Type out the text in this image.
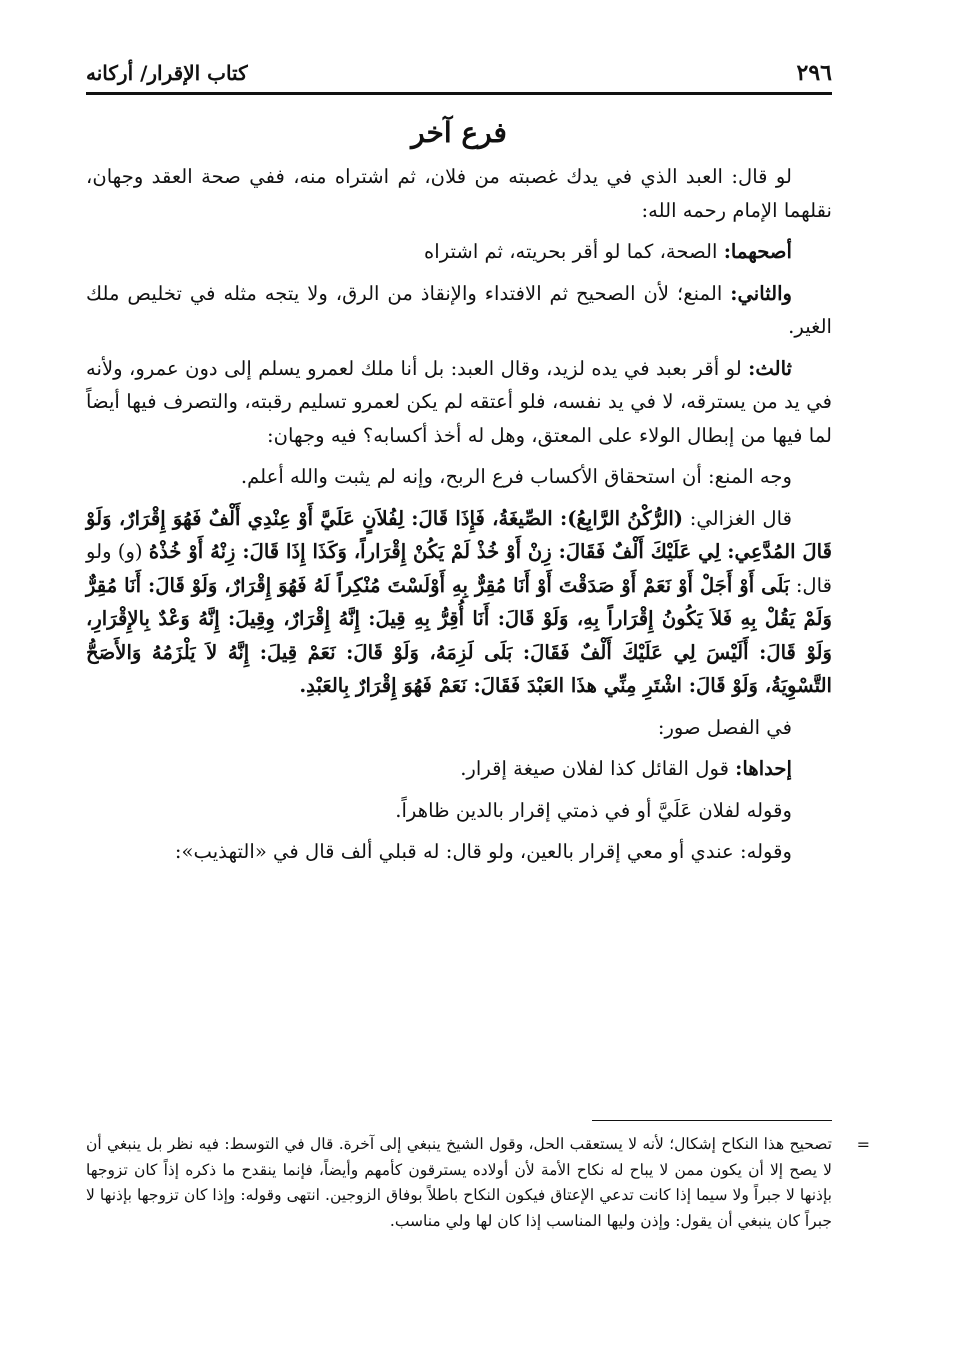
٢٩٦
كتاب الإقرار/ أركانه
فرع آخر

لو قال: العبد الذي في يدك غصبته من فلان، ثم اشتراه منه، ففي صحة العقد وجهان، نقلهما الإمام رحمه الله:

أصحهما: الصحة، كما لو أقر بحريته، ثم اشتراه

والثاني: المنع؛ لأن الصحيح ثم الافتداء والإنقاذ من الرق، ولا يتجه مثله في تخليص ملك الغير.

ثالث: لو أقر بعبد في يده لزيد، وقال العبد: بل أنا ملك لعمرو يسلم إلى دون عمرو، ولأنه في يد من يسترقه، لا في يد نفسه، فلو أعتقه لم يكن لعمرو تسليم رقبته، والتصرف فيها أيضاً لما فيها من إبطال الولاء على المعتق، وهل له أخذ أكسابه؟ فيه وجهان:

وجه المنع: أن استحقاق الأكساب فرع الربح، وإنه لم يثبت والله أعلم.

قال الغزالي: (الرُّكْنُ الرَّابِعُ): الصِّيغَةُ، فَإِذَا قَالَ: لِفُلاَنٍ عَلَيَّ أَوْ عِنْدِي أَلْفٌ فَهُوَ إِقْرَارٌ، وَلَوْ قَالَ المُدَّعِي: لِي عَلَيْكَ أَلْفٌ فَقَالَ: زِنْ أَوْ خُذْ لَمْ يَكُنْ إِقْرَاراً، وَكَذَا إِذَا قَالَ: زِنْهُ أَوْ خُذْهُ (و) ولو قال: بَلَى أَوْ أَجَلْ أَوْ نَعَمْ أَوْ صَدَقْتَ أَوْ أَنَا مُقِرٌّ بِهِ أَوْلَسْتَ مُنْكِراً لَهُ فَهُوَ إِقْرَارٌ، وَلَوْ قَالَ: أَنَا مُقِرٌّ وَلَمْ يَقُلْ بِهِ فَلاَ يَكُونُ إِقْرَاراً بِهِ، وَلَوْ قَالَ: أَنَا أُقِرُّ بِهِ قِيلَ: إِنَّهُ إِقْرَارٌ، وِقِيلَ: إِنَّهُ وَعْدٌ بِالإِقْرَارِ، وَلَوْ قَالَ: أَلَيْسَ لِي عَلَيْكَ أَلْفٌ فَقَالَ: بَلَى لَزِمَهُ، وَلَوْ قَالَ: نَعَمْ قِيلَ: إِنَّهُ لاَ يَلْزَمُهُ وَالأَصَحُّ التَّسْوِيَةُ، وَلَوْ قَالَ: اشْتَرِ مِنِّي هذَا العَبْدَ فَقَالَ: نَعَمْ فَهُوَ إِقْرَارٌ بِالعَبْدِ.

في الفصل صور:

إحداها: قول القائل كذا لفلان صيغة إقرار.

وقوله لفلان عَلَيَّ أو في ذمتي إقرار بالدين ظاهراً.

وقوله: عندي أو معي إقرار بالعين، ولو قال: له قبلي ألف قال في «التهذيب»:

=
تصحيح هذا النكاح إشكال؛ لأنه لا يستعقب الحل، وقول الشيخ ينبغي إلى آخرة. قال في التوسط: فيه نظر بل ينبغي أن لا يصح إلا أن يكون ممن لا يباح له نكاح الأمة لأن أولاده يسترقون كأمهم وأيضاً، فإنما ينقدح ما ذكره إذاً كان تزوجها بإذنها لا جبراً ولا سيما إذا كانت تدعي الإعتاق فيكون النكاح باطلاً بوفاق الزوجين. انتهى وقوله: وإذا كان تزوجها بإذنها لا جبراً كان ينبغي أن يقول: وإذن وليها المناسب إذا كان لها ولي مناسب.
